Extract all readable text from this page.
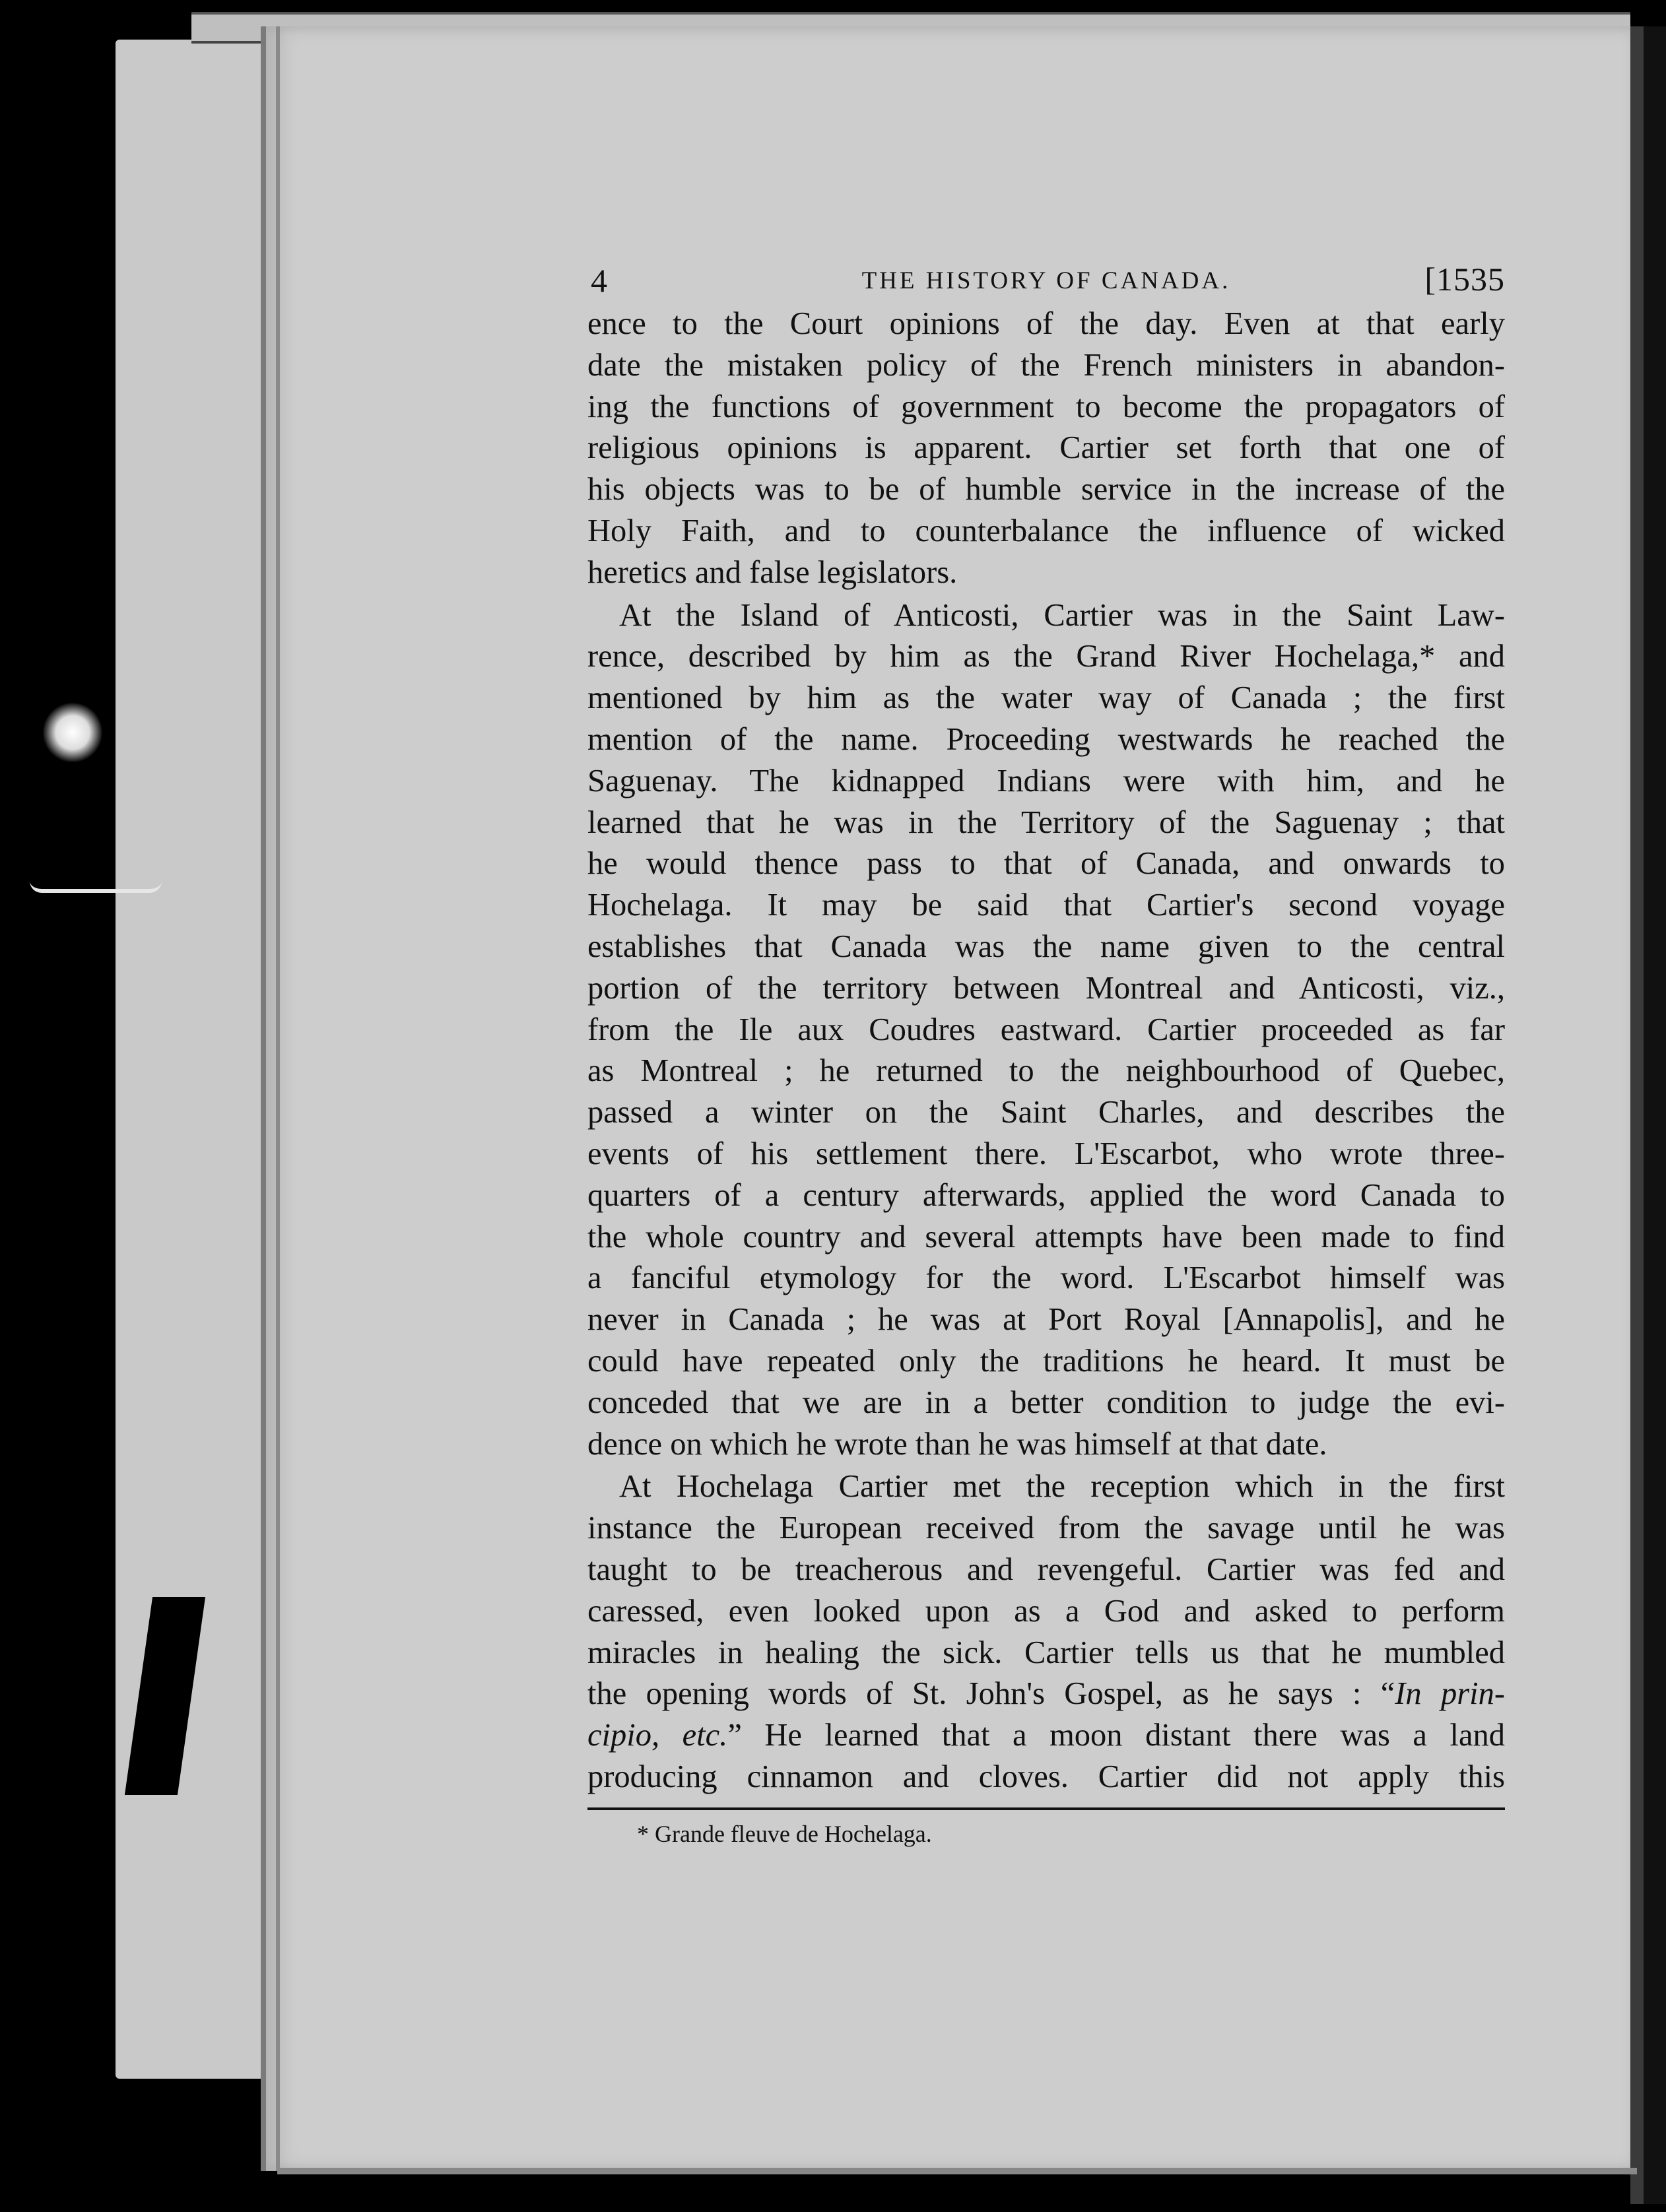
4	THE HISTORY OF CANADA.	[1535

ence to the Court opinions of the day. Even at that early
date the mistaken policy of the French ministers in abandon-
ing the functions of government to become the propagators of
religious opinions is apparent. Cartier set forth that one of
his objects was to be of humble service in the increase of the
Holy Faith, and to counterbalance the influence of wicked
heretics and false legislators.

At the Island of Anticosti, Cartier was in the Saint Law-
rence, described by him as the Grand River Hochelaga,* and
mentioned by him as the water way of Canada ; the first
mention of the name. Proceeding westwards he reached the
Saguenay. The kidnapped Indians were with him, and he
learned that he was in the Territory of the Saguenay ; that
he would thence pass to that of Canada, and onwards to
Hochelaga. It may be said that Cartier's second voyage
establishes that Canada was the name given to the central
portion of the territory between Montreal and Anticosti, viz.,
from the Ile aux Coudres eastward. Cartier proceeded as far
as Montreal ; he returned to the neighbourhood of Quebec,
passed a winter on the Saint Charles, and describes the
events of his settlement there. L'Escarbot, who wrote three-
quarters of a century afterwards, applied the word Canada to
the whole country and several attempts have been made to find
a fanciful etymology for the word. L'Escarbot himself was
never in Canada ; he was at Port Royal [Annapolis], and he
could have repeated only the traditions he heard. It must be
conceded that we are in a better condition to judge the evi-
dence on which he wrote than he was himself at that date.

At Hochelaga Cartier met the reception which in the first
instance the European received from the savage until he was
taught to be treacherous and revengeful. Cartier was fed and
caressed, even looked upon as a God and asked to perform
miracles in healing the sick. Cartier tells us that he mumbled
the opening words of St. John's Gospel, as he says : “In prin-
cipio, etc.” He learned that a moon distant there was a land
producing cinnamon and cloves. Cartier did not apply this

* Grande fleuve de Hochelaga.
